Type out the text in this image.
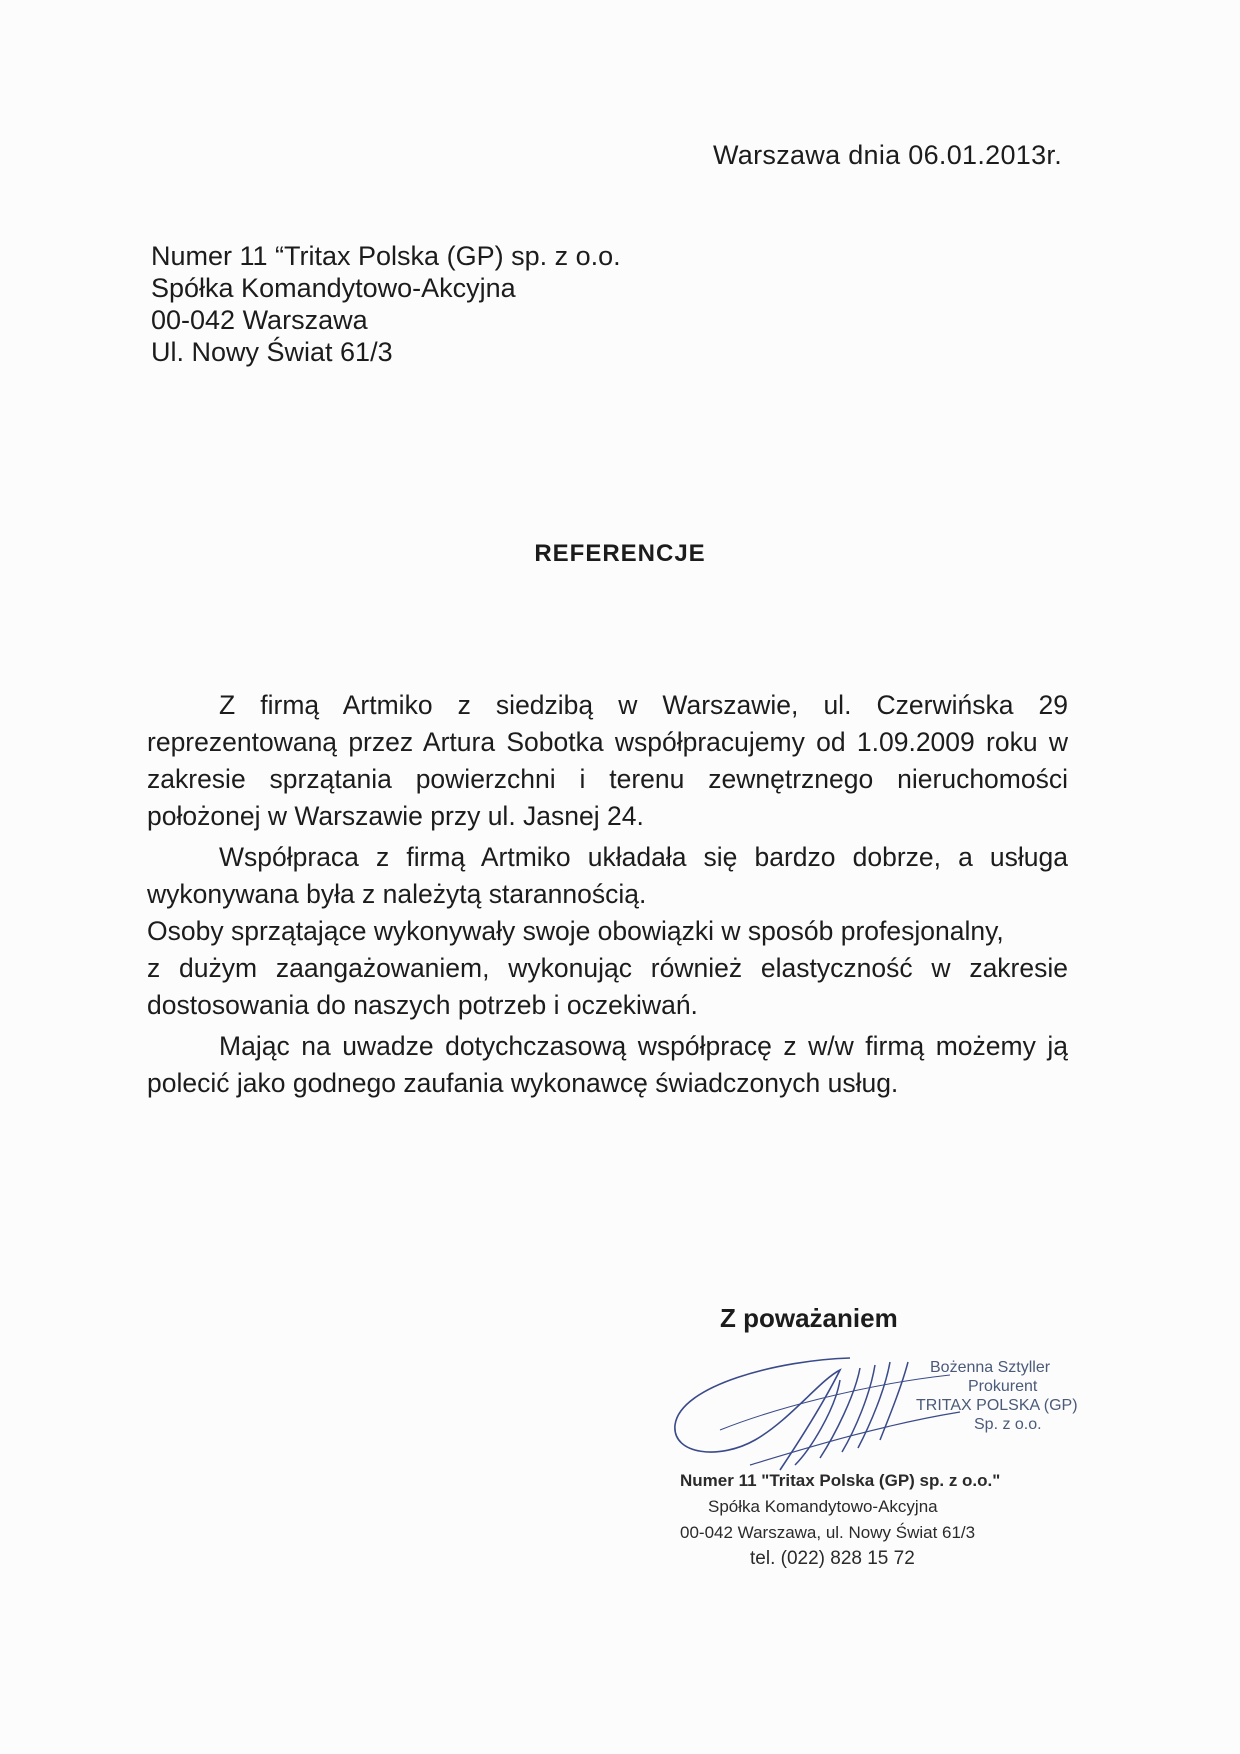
Warszawa dnia 06.01.2013r.
Numer 11 “Tritax Polska (GP) sp. z o.o.
Spółka Komandytowo-Akcyjna
00-042 Warszawa
Ul. Nowy Świat 61/3
REFERENCJE

Z firmą Artmiko z siedzibą w Warszawie, ul. Czerwińska 29 reprezentowaną przez Artura Sobotka współpracujemy od 1.09.2009 roku w zakresie sprzątania powierzchni i terenu zewnętrznego nieruchomości położonej w Warszawie przy ul. Jasnej 24.

Współpraca z firmą Artmiko układała się bardzo dobrze, a usługa wykonywana była z należytą starannością.

Osoby sprzątające wykonywały swoje obowiązki w sposób profesjonalny,

z dużym zaangażowaniem, wykonując również elastyczność w zakresie dostosowania do naszych potrzeb i oczekiwań.

Mając na uwadze dotychczasową współpracę z w/w firmą możemy ją polecić jako godnego zaufania wykonawcę świadczonych usług.

Z poważaniem
Bożenna Sztyller
Prokurent
TRITAX POLSKA (GP)
Sp. z o.o.
Numer 11 "Tritax Polska (GP) sp. z o.o."
Spółka Komandytowo-Akcyjna
00-042 Warszawa, ul. Nowy Świat 61/3
tel. (022) 828 15 72
